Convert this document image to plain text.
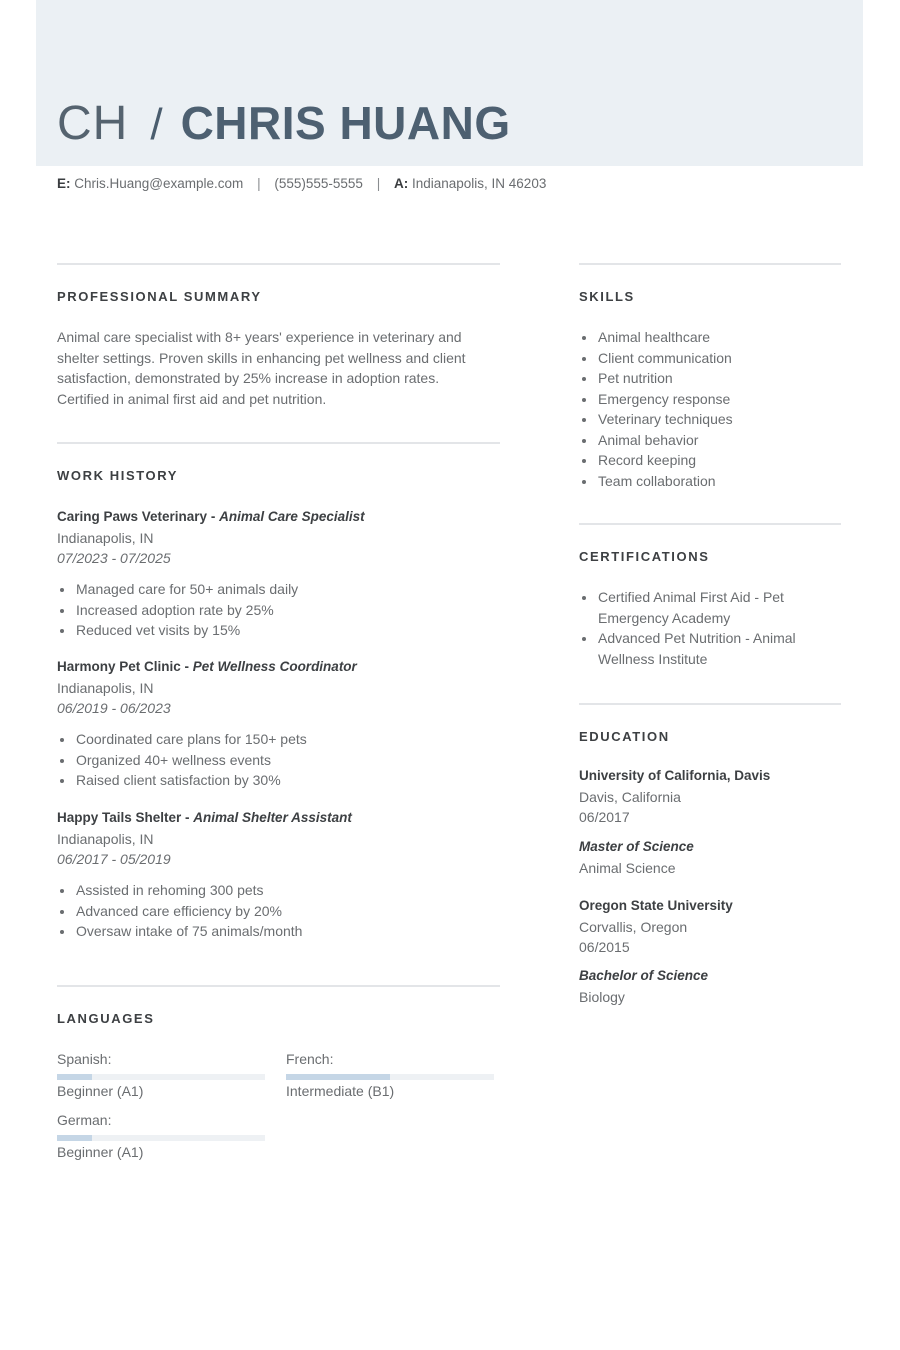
CH / CHRIS HUANG
E: Chris.Huang@example.com | (555)555-5555 | A: Indianapolis, IN 46203
PROFESSIONAL SUMMARY
Animal care specialist with 8+ years' experience in veterinary and
shelter settings. Proven skills in enhancing pet wellness and client
satisfaction, demonstrated by 25% increase in adoption rates.
Certified in animal first aid and pet nutrition.
WORK HISTORY
Caring Paws Veterinary - Animal Care Specialist
Indianapolis, IN
07/2023 - 07/2025
Managed care for 50+ animals daily
Increased adoption rate by 25%
Reduced vet visits by 15%
Harmony Pet Clinic - Pet Wellness Coordinator
Indianapolis, IN
06/2019 - 06/2023
Coordinated care plans for 150+ pets
Organized 40+ wellness events
Raised client satisfaction by 30%
Happy Tails Shelter - Animal Shelter Assistant
Indianapolis, IN
06/2017 - 05/2019
Assisted in rehoming 300 pets
Advanced care efficiency by 20%
Oversaw intake of 75 animals/month
LANGUAGES
Spanish:
Beginner (A1)
French:
Intermediate (B1)
German:
Beginner (A1)
SKILLS
Animal healthcare
Client communication
Pet nutrition
Emergency response
Veterinary techniques
Animal behavior
Record keeping
Team collaboration
CERTIFICATIONS
Certified Animal First Aid - Pet
Emergency Academy
Advanced Pet Nutrition - Animal
Wellness Institute
EDUCATION
University of California, Davis
Davis, California
06/2017
Master of Science
Animal Science
Oregon State University
Corvallis, Oregon
06/2015
Bachelor of Science
Biology
